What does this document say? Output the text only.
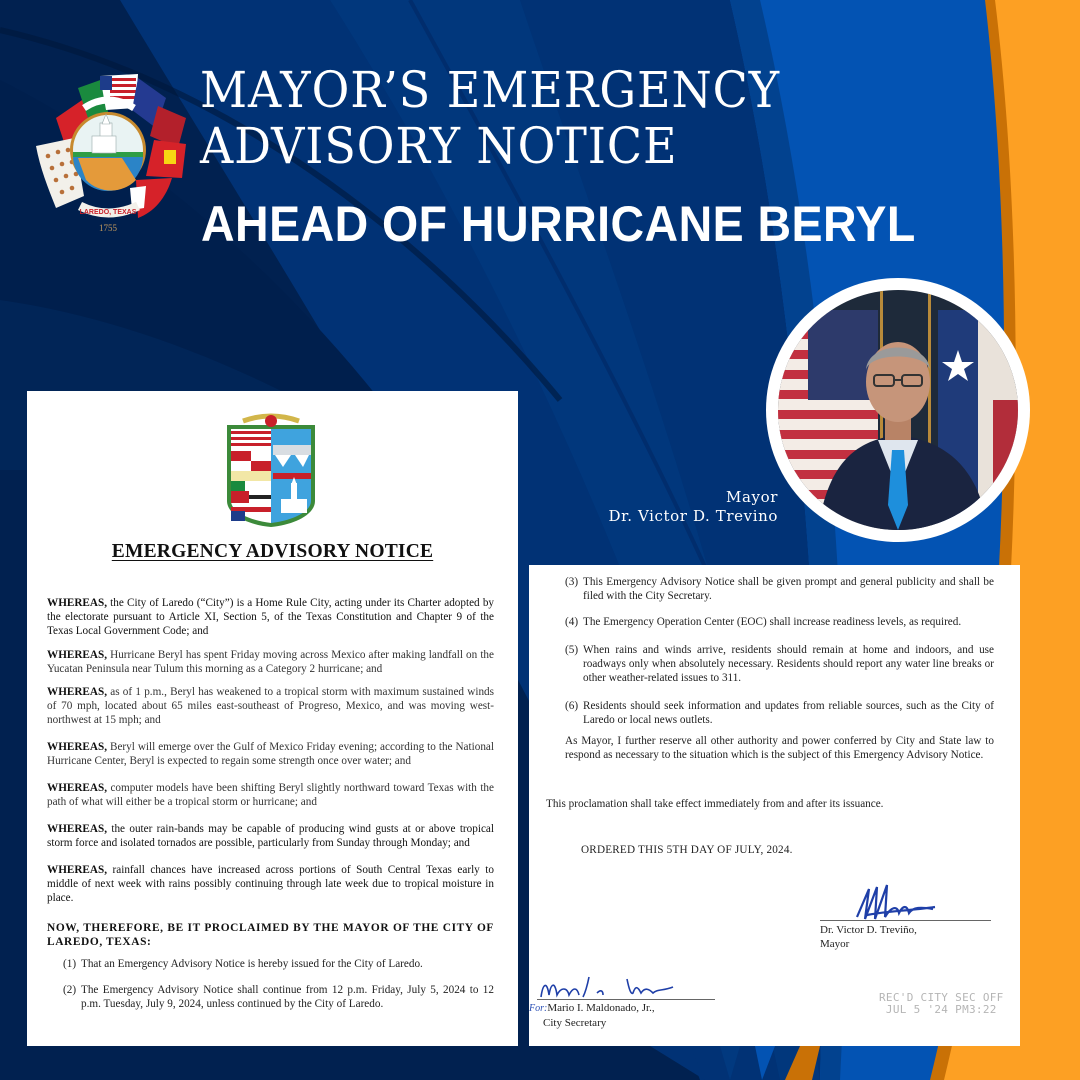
LAREDO, TEXAS
1755
MAYOR’S EMERGENCY
ADVISORY NOTICE
AHEAD OF HURRICANE BERYL
Mayor
Dr. Victor D. Trevino
EMERGENCY ADVISORY NOTICE

WHEREAS, the City of Laredo (“City”) is a Home Rule City, acting under its Charter adopted by the electorate pursuant to Article XI, Section 5, of the Texas Constitution and Chapter 9 of the Texas Local Government Code; and

WHEREAS, Hurricane Beryl has spent Friday moving across Mexico after making landfall on the Yucatan Peninsula near Tulum this morning as a Category 2 hurricane; and

WHEREAS, as of 1 p.m., Beryl has weakened to a tropical storm with maximum sustained winds of 70 mph, located about 65 miles east-southeast of Progreso, Mexico, and was moving west-northwest at 15 mph; and

WHEREAS, Beryl will emerge over the Gulf of Mexico Friday evening; according to the National Hurricane Center, Beryl is expected to regain some strength once over water; and

WHEREAS, computer models have been shifting Beryl slightly northward toward Texas with the path of what will either be a tropical storm or hurricane; and

WHEREAS, the outer rain-bands may be capable of producing wind gusts at or above tropical storm force and isolated tornados are possible, particularly from Sunday through Monday; and

WHEREAS, rainfall chances have increased across portions of South Central Texas early to middle of next week with rains possibly continuing through late week due to tropical moisture in place.

NOW, THEREFORE, BE IT PROCLAIMED BY THE MAYOR OF THE CITY OF LAREDO, TEXAS:

(1) That an Emergency Advisory Notice is hereby issued for the City of Laredo.
(2) The Emergency Advisory Notice shall continue from 12 p.m. Friday, July 5, 2024 to 12 p.m. Tuesday, July 9, 2024, unless continued by the City of Laredo.
(3) This Emergency Advisory Notice shall be given prompt and general publicity and shall be filed with the City Secretary.
(4) The Emergency Operation Center (EOC) shall increase readiness levels, as required.
(5) When rains and winds arrive, residents should remain at home and indoors, and use roadways only when absolutely necessary. Residents should report any water line breaks or other weather-related issues to 311.
(6) Residents should seek information and updates from reliable sources, such as the City of Laredo or local news outlets.

As Mayor, I further reserve all other authority and power conferred by City and State law to respond as necessary to the situation which is the subject of this Emergency Advisory Notice.

This proclamation shall take effect immediately from and after its issuance.

ORDERED THIS 5TH DAY OF JULY, 2024.

Dr. Victor D. Treviño,
Mayor
For:Mario I. Maldonado, Jr.,
City Secretary
REC'D CITY SEC OFF
JUL 5 '24 PM3:22
